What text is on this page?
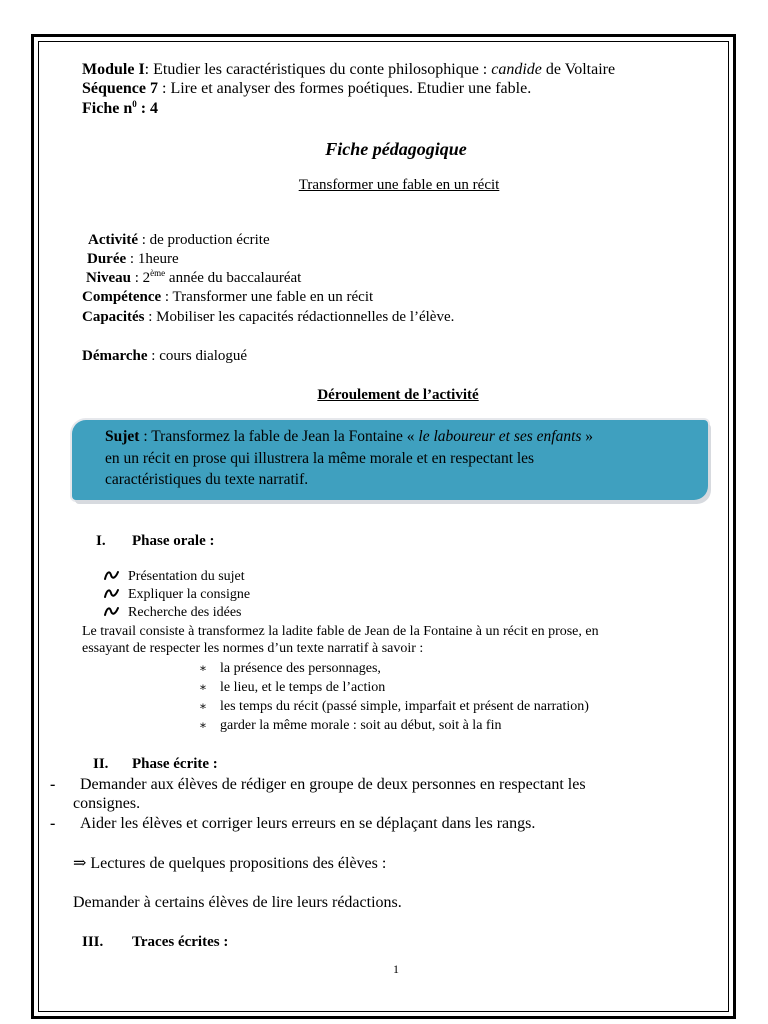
Module I: Etudier les caractéristiques du conte philosophique : candide de Voltaire
Séquence 7 : Lire et analyser des formes poétiques. Etudier une fable.
Fiche $n^0$ : 4
Fiche pédagogique
Transformer une fable en un récit
Activité : de production écrite
Durée : 1heure
Niveau : 2ème année du baccalauréat
Compétence : Transformer une fable en un récit
Capacités : Mobiliser les capacités rédactionnelles de l’élève.
Démarche : cours dialogué
Déroulement de l’activité
Sujet : Transformez la fable de Jean la Fontaine « le laboureur et ses enfants »
en un récit en prose qui illustrera la même morale et en respectant les
caractéristiques du texte narratif.
I. Phase orale :
Présentation du sujet
Expliquer la consigne
Recherche des idées
Le travail consiste à transformez la ladite fable de Jean de la Fontaine à un récit en prose, en
essayant de respecter les normes d’un texte narratif à savoir :
∗ la présence des personnages,
∗ le lieu, et le temps de l’action
∗ les temps du récit (passé simple, imparfait et présent de narration)
∗ garder la même morale : soit au début, soit à la fin
II. Phase écrite :
- Demander aux élèves de rédiger en groupe de deux personnes en respectant les
consignes.
- Aider les élèves et corriger leurs erreurs en se déplaçant dans les rangs.
⇒ Lectures de quelques propositions des élèves :
Demander à certains élèves de lire leurs rédactions.
III. Traces écrites :
1
